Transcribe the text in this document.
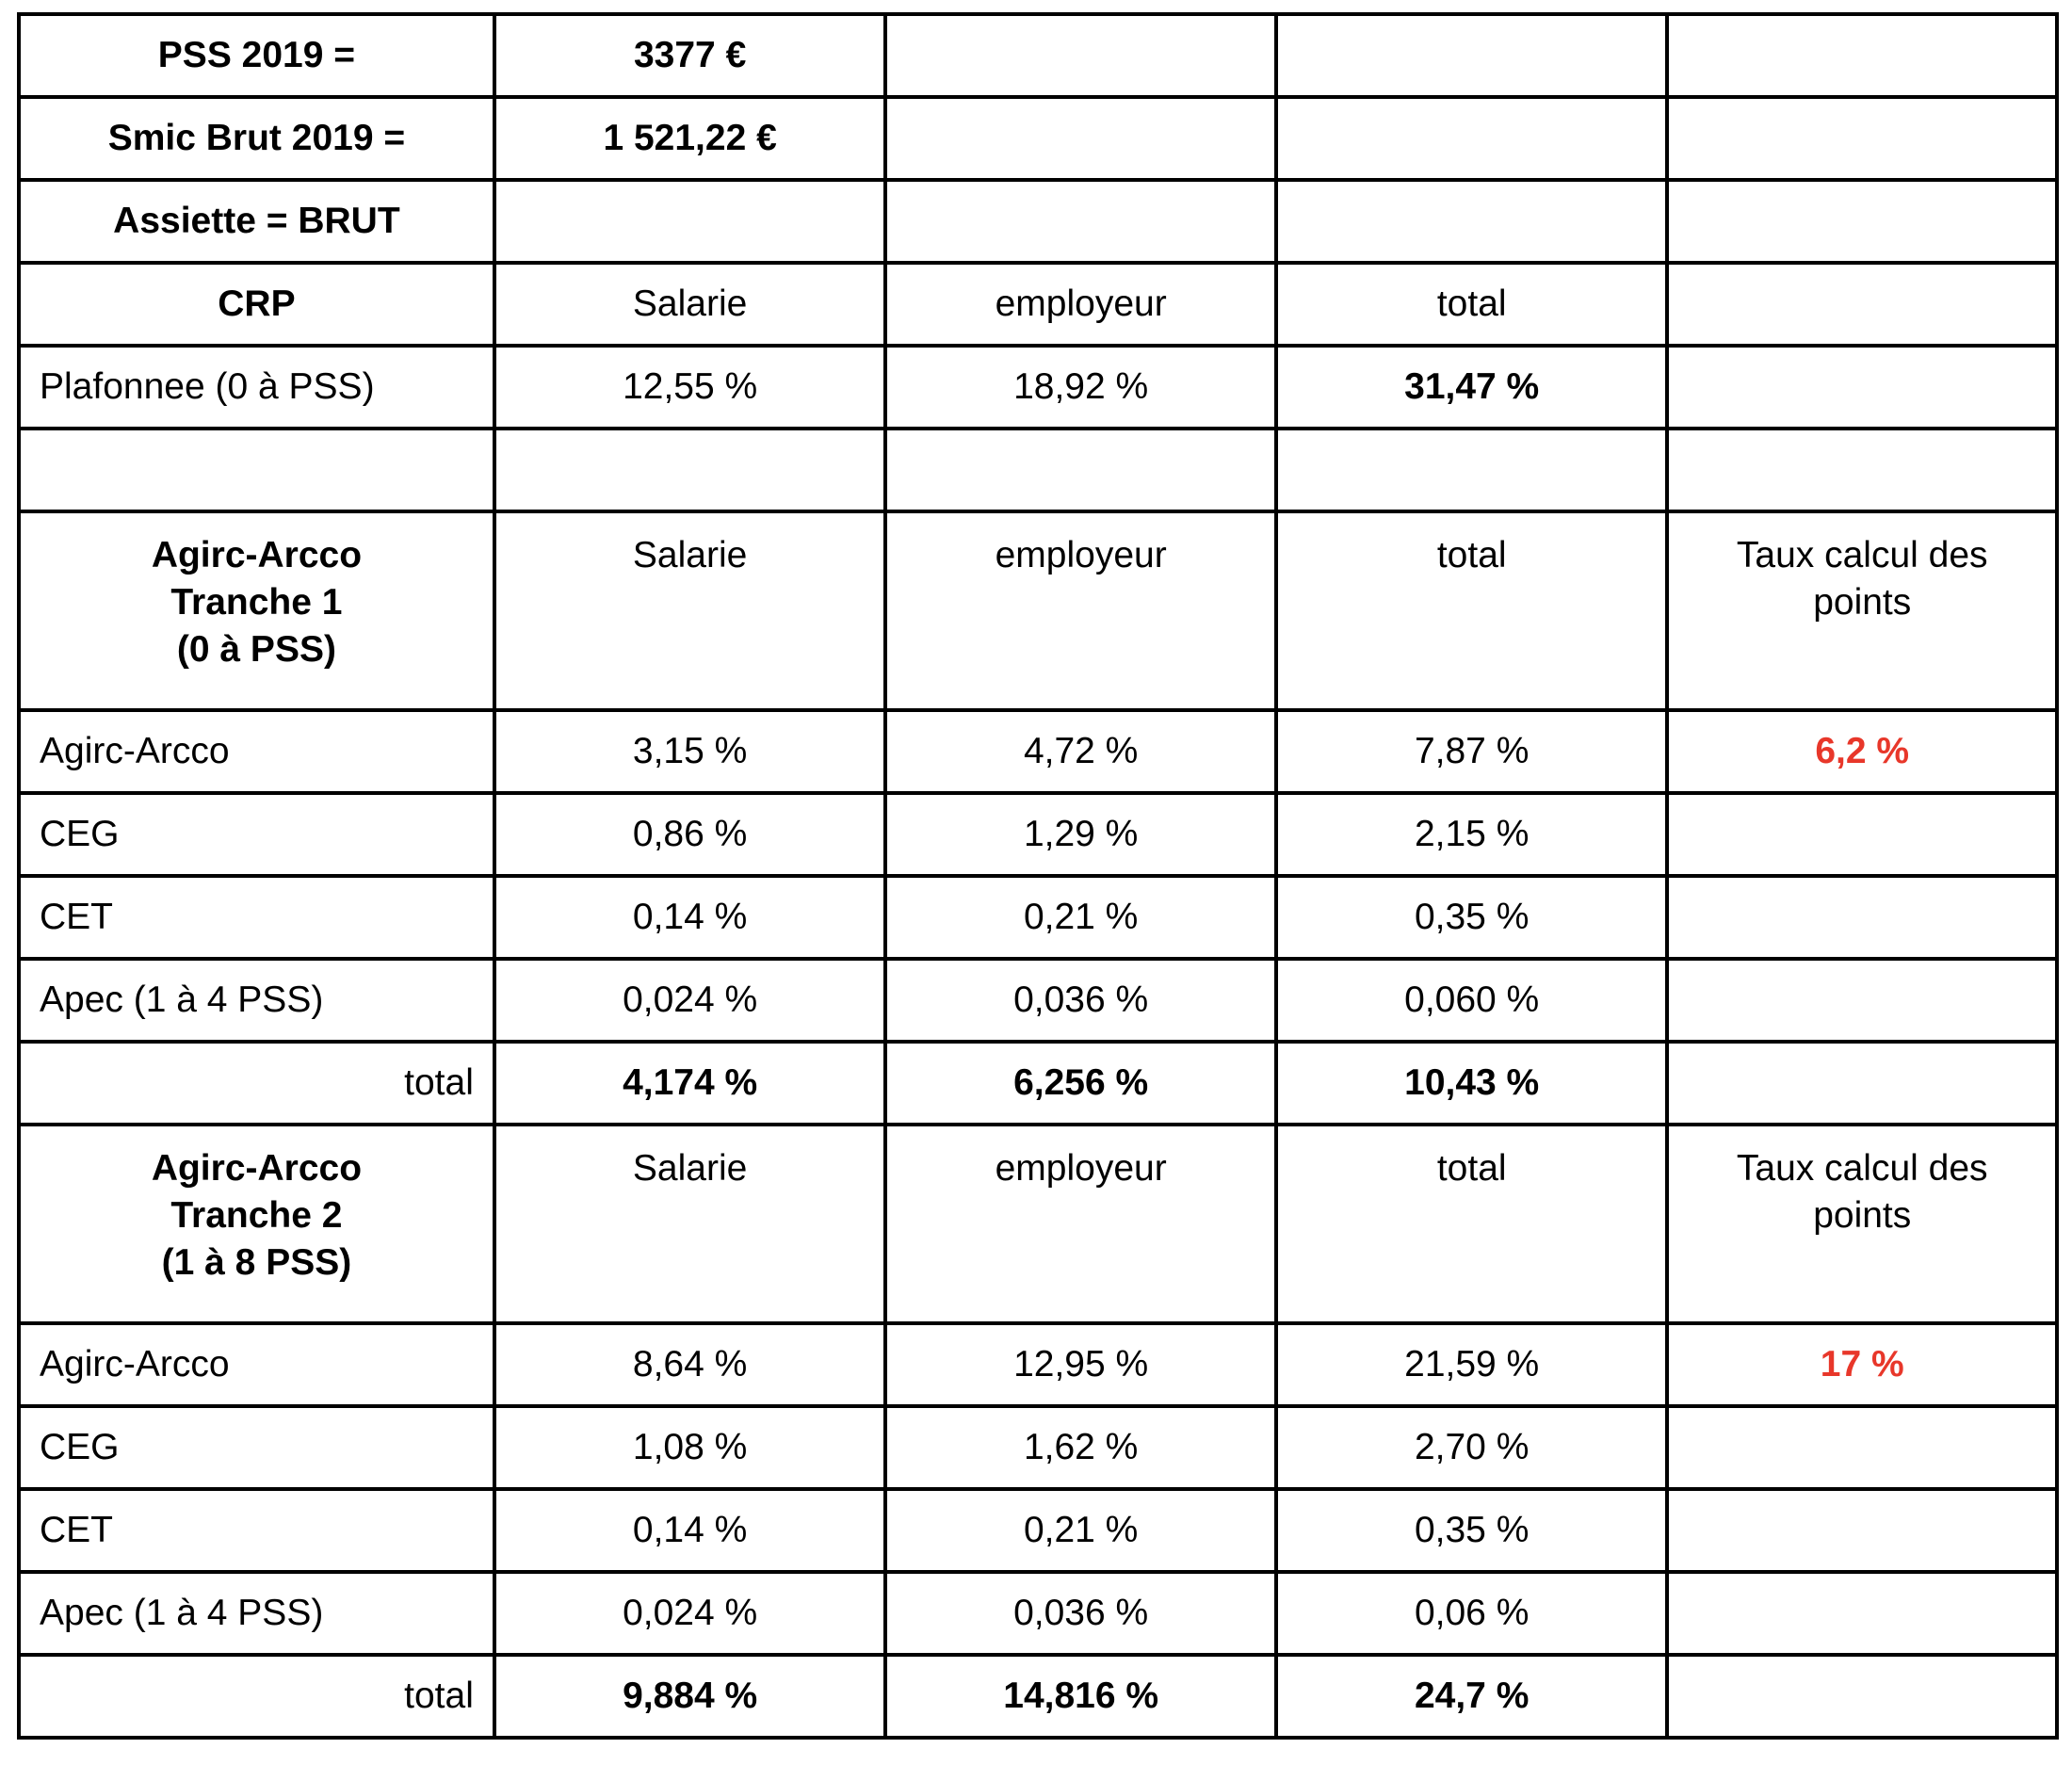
PSS 2019 =	3377 €			
Smic Brut 2019 =	1 521,22 €			
Assiette = BRUT				
CRP	Salarie	employeur	total	
Plafonnee (0 à PSS)	12,55 %	18,92 %	31,47 %	

Agirc-Arcco
Tranche 1
(0 à PSS)	Salarie	employeur	total	Taux calcul des
points

Agirc-Arcco	3,15 %	4,72 %	7,87 %	6,2 %
CEG	0,86 %	1,29 %	2,15 %	
CET	0,14 %	0,21 %	0,35 %	
Apec (1 à 4 PSS)	0,024 %	0,036 %	0,060 %	
total	4,174 %	6,256 %	10,43 %	

Agirc-Arcco
Tranche 2
(1 à 8 PSS)	Salarie	employeur	total	Taux calcul des
points

Agirc-Arcco	8,64 %	12,95 %	21,59 %	17 %
CEG	1,08 %	1,62 %	2,70 %	
CET	0,14 %	0,21 %	0,35 %	
Apec (1 à 4 PSS)	0,024 %	0,036 %	0,06 %	
total	9,884 %	14,816 %	24,7 %	
